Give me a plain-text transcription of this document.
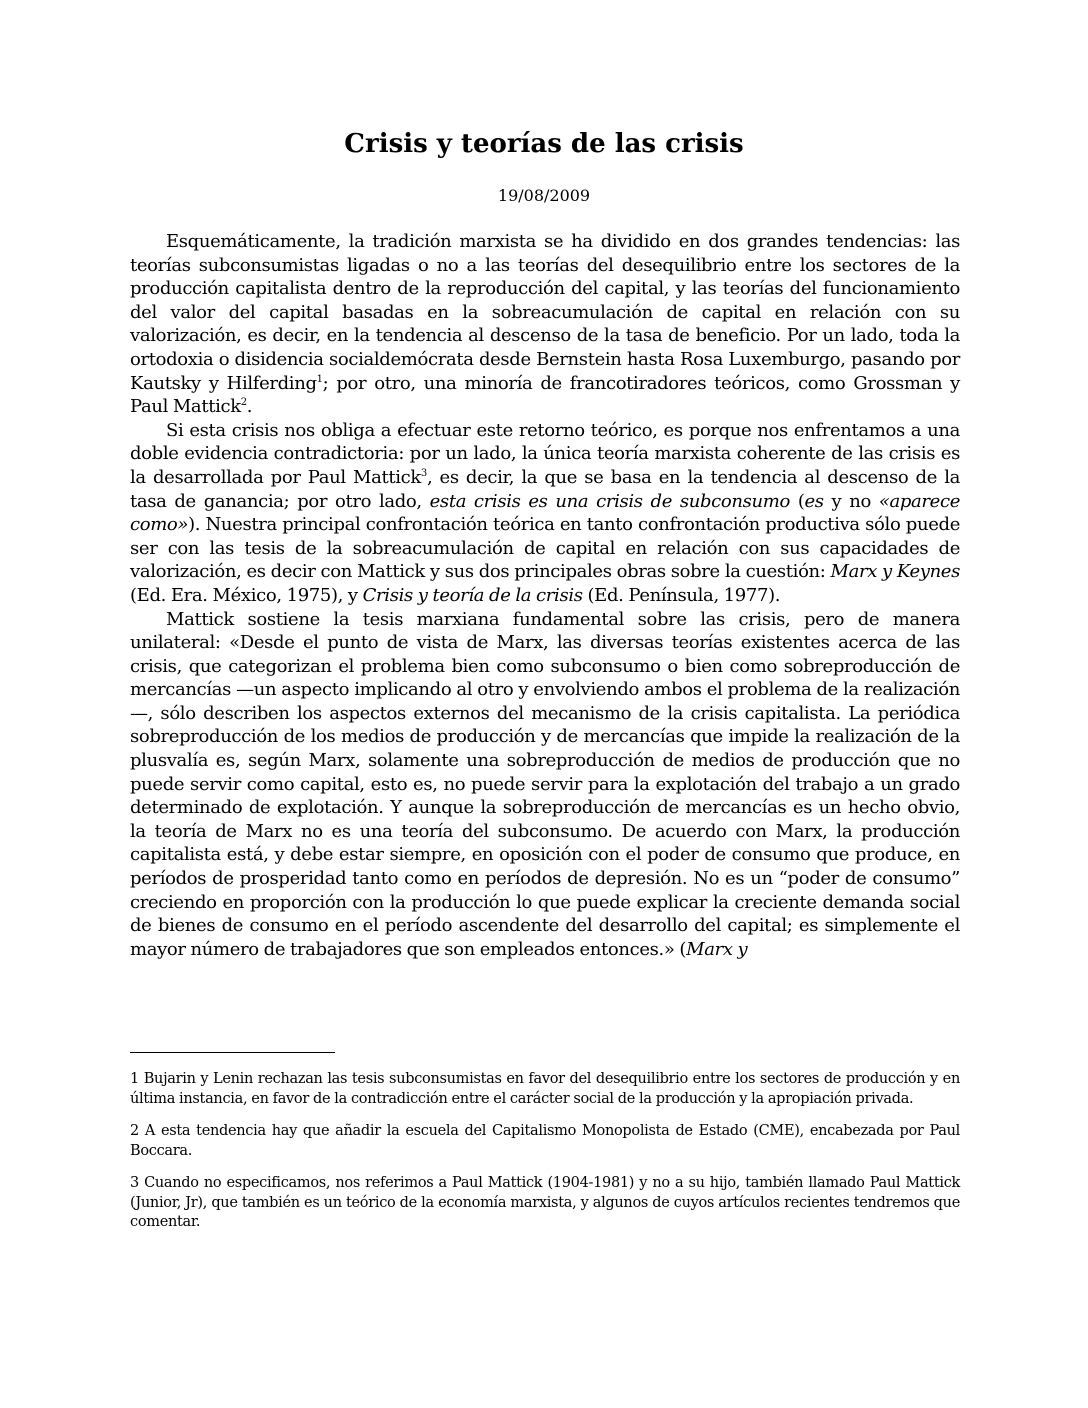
Crisis y teorías de las crisis
19/08/2009

Esquemáticamente, la tradición marxista se ha dividido en dos grandes tendencias: las teorías subconsumistas ligadas o no a las teorías del desequilibrio entre los sectores de la producción capitalista dentro de la reproducción del capital, y las teorías del funcionamiento del valor del capital basadas en la sobreacumulación de capital en relación con su valorización, es decir, en la tendencia al descenso de la tasa de beneficio. Por un lado, toda la ortodoxia o disidencia socialdemócrata desde Bernstein hasta Rosa Luxemburgo, pasando por Kautsky y Hilferding$^1$; por otro, una minoría de francotiradores teóricos, como Grossman y Paul Mattick$^2$.

Si esta crisis nos obliga a efectuar este retorno teórico, es porque nos enfrentamos a una doble evidencia contradictoria: por un lado, la única teoría marxista coherente de las crisis es la desarrollada por Paul Mattick$^3$, es decir, la que se basa en la tendencia al descenso de la tasa de ganancia; por otro lado, esta crisis es una crisis de subconsumo (es y no «aparece como»). Nuestra principal confrontación teórica en tanto confrontación productiva sólo puede ser con las tesis de la sobreacumulación de capital en relación con sus capacidades de valorización, es decir con Mattick y sus dos principales obras sobre la cuestión: Marx y Keynes (Ed. Era. México, 1975), y Crisis y teoría de la crisis (Ed. Península, 1977).

Mattick sostiene la tesis marxiana fundamental sobre las crisis, pero de manera unilateral: «Desde el punto de vista de Marx, las diversas teorías existentes acerca de las crisis, que categorizan el problema bien como subconsumo o bien como sobreproducción de mercancías —un aspecto implicando al otro y envolviendo ambos el problema de la realización—, sólo describen los aspectos externos del mecanismo de la crisis capitalista. La periódica sobreproducción de los medios de producción y de mercancías que impide la realización de la plusvalía es, según Marx, solamente una sobreproducción de medios de producción que no puede servir como capital, esto es, no puede servir para la explotación del trabajo a un grado determinado de explotación. Y aunque la sobreproducción de mercancías es un hecho obvio, la teoría de Marx no es una teoría del subconsumo. De acuerdo con Marx, la producción capitalista está, y debe estar siempre, en oposición con el poder de consumo que produce, en períodos de prosperidad tanto como en períodos de depresión. No es un “poder de consumo” creciendo en proporción con la producción lo que puede explicar la creciente demanda social de bienes de consumo en el período ascendente del desarrollo del capital; es simplemente el mayor número de trabajadores que son empleados entonces.» (Marx y

1 Bujarin y Lenin rechazan las tesis subconsumistas en favor del desequilibrio entre los sectores de producción y en última instancia, en favor de la contradicción entre el carácter social de la producción y la apropiación privada.

2 A esta tendencia hay que añadir la escuela del Capitalismo Monopolista de Estado (CME), encabezada por Paul Boccara.

3 Cuando no especificamos, nos referimos a Paul Mattick (1904-1981) y no a su hijo, también llamado Paul Mattick (Junior, Jr), que también es un teórico de la economía marxista, y algunos de cuyos artículos recientes tendremos que comentar.
